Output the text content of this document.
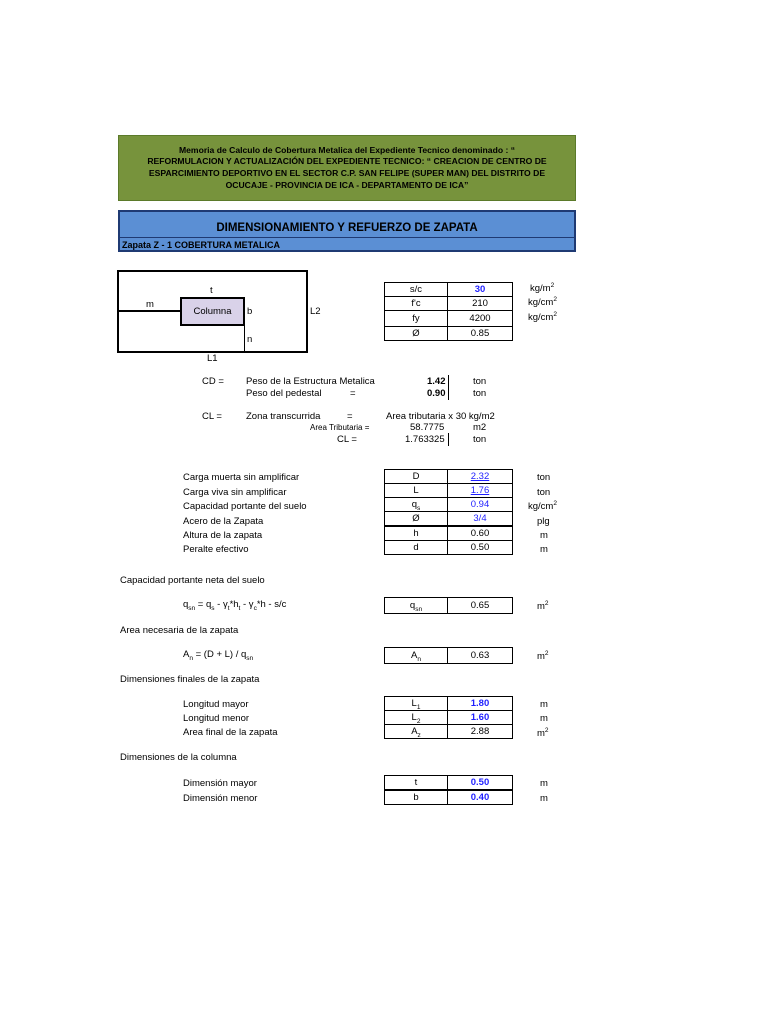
Memoria de Calculo de Cobertura Metalica del Expediente Tecnico denominado : “
REFORMULACION Y ACTUALIZACIÓN DEL EXPEDIENTE TECNICO: “ CREACION DE CENTRO DE
ESPARCIMIENTO DEPORTIVO EN EL SECTOR C.P. SAN FELIPE (SUPER MAN) DEL DISTRITO DE
OCUCAJE - PROVINCIA DE ICA - DEPARTAMENTO DE ICA”
DIMENSIONAMIENTO Y REFUERZO DE ZAPATA
Zapata Z - 1 COBERTURA METALICA
Columna
t
m
b
n
L2
L1
s/c	30	$kg/m^2$
f'c	210	$kg/cm^2$
fy	4200	$kg/cm^2$
Ø	0.85
CD = Peso de la Estructura Metalica	1.42	ton
Peso del pedestal	=	0.90	ton
CL =	Zona transcurrida	=	Area tributaria x 30 kg/m2
Area Tributaria =	58.7775	m2
CL =	1.763325	ton
Carga muerta sin amplificar	D	2.32	ton
Carga viva sin amplificar	L	1.76	ton
Capacidad portante del suelo	$q_s$	0.94	$kg/cm^2$
Acero de la Zapata	Ø	3/4	plg
Altura de la zapata	h	0.60	m
Peralte efectivo	d	0.50	m
Capacidad portante neta del suelo
$q_{sn} = q_s - \gamma_t*h_t - \gamma_c*h - s/c$	$q_{sn}$	0.65	$m^2$
Area necesaria de la zapata
$A_n = (D + L) / q_{sn}$	$A_n$	0.63	$m^2$
Dimensiones finales de la zapata
Longitud mayor	$L_1$	1.80	m
Longitud menor	$L_2$	1.60	m
Area final de la zapata	$A_z$	2.88	$m^2$
Dimensiones de la columna
Dimensión mayor	t	0.50	m
Dimensión menor	b	0.40	m
